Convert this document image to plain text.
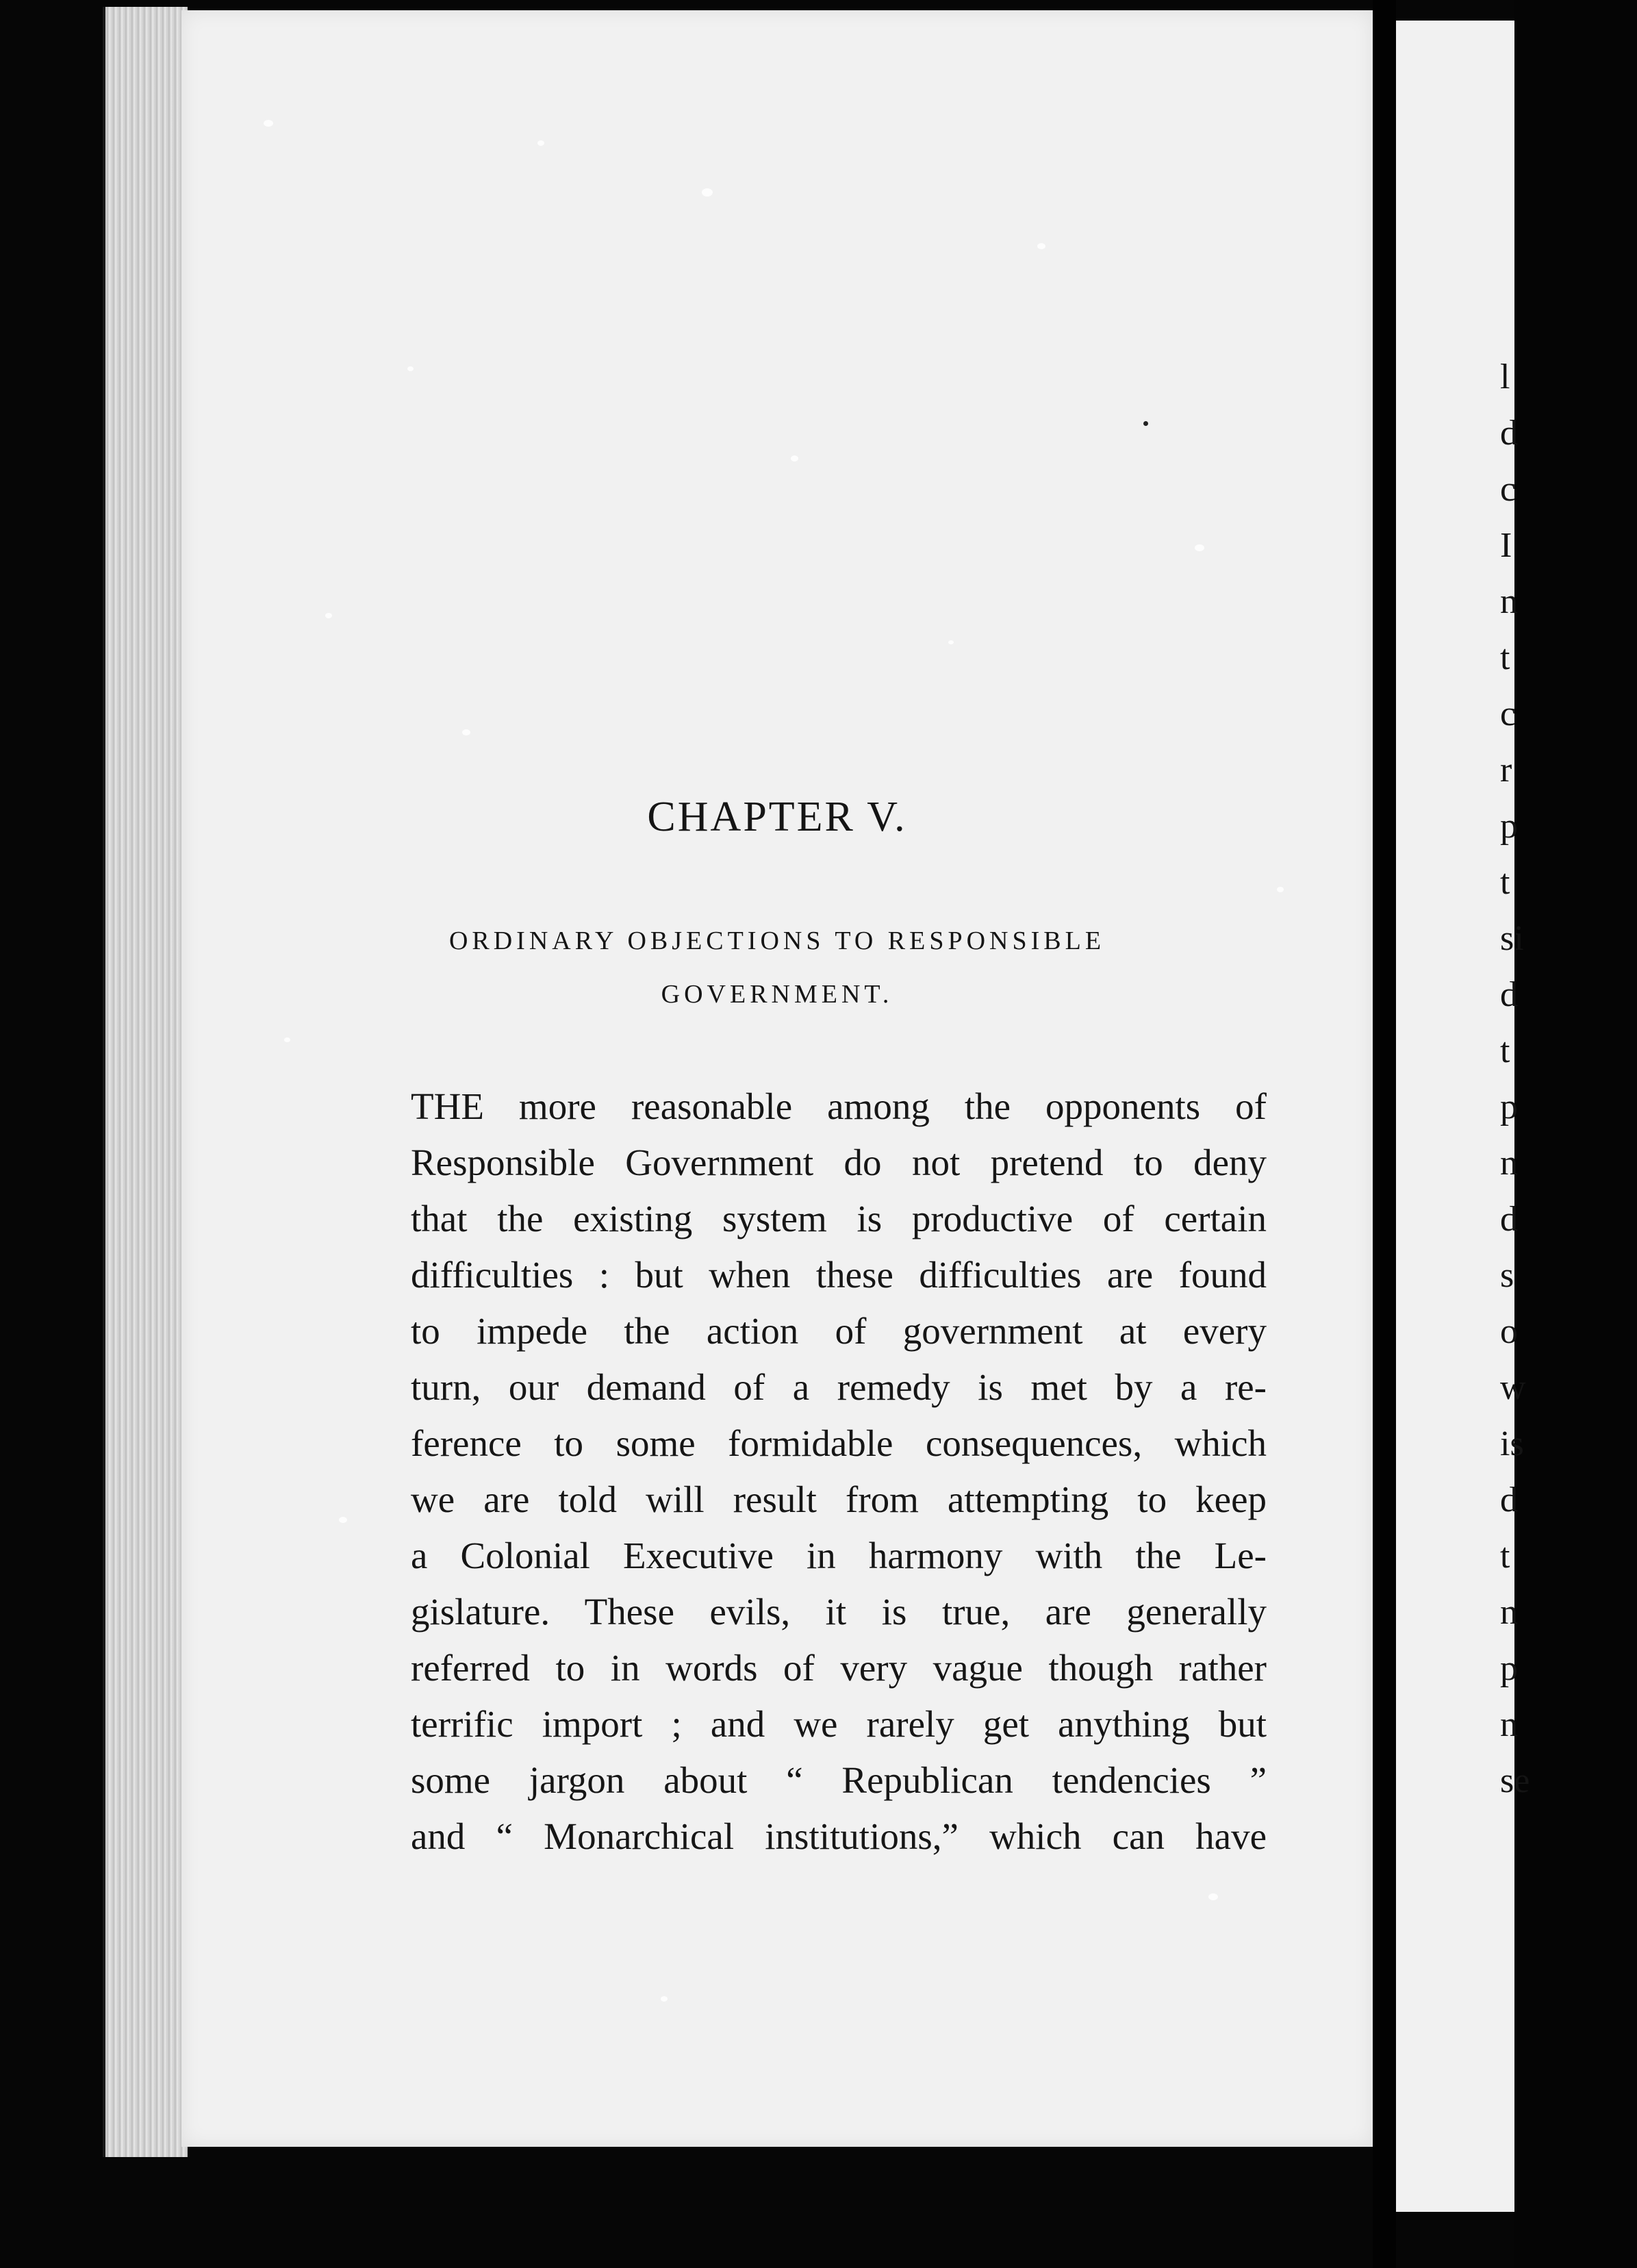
l
d
c
I
n
t
c
r
p
t
si
d
t
p
n
d
s
o
w
is
d
t
n
p
n
se
CHAPTER V.
ORDINARY OBJECTIONS TO RESPONSIBLE
GOVERNMENT.
THE more reasonable among the opponents of
Responsible Government do not pretend to deny
that the existing system is productive of certain
difficulties : but when these difficulties are found
to impede the action of government at every
turn, our demand of a remedy is met by a re-
ference to some formidable consequences, which
we are told will result from attempting to keep
a Colonial Executive in harmony with the Le-
gislature. These evils, it is true, are generally
referred to in words of very vague though rather
terrific import ; and we rarely get anything but
some jargon about “ Republican tendencies ”
and “ Monarchical institutions,” which can have
